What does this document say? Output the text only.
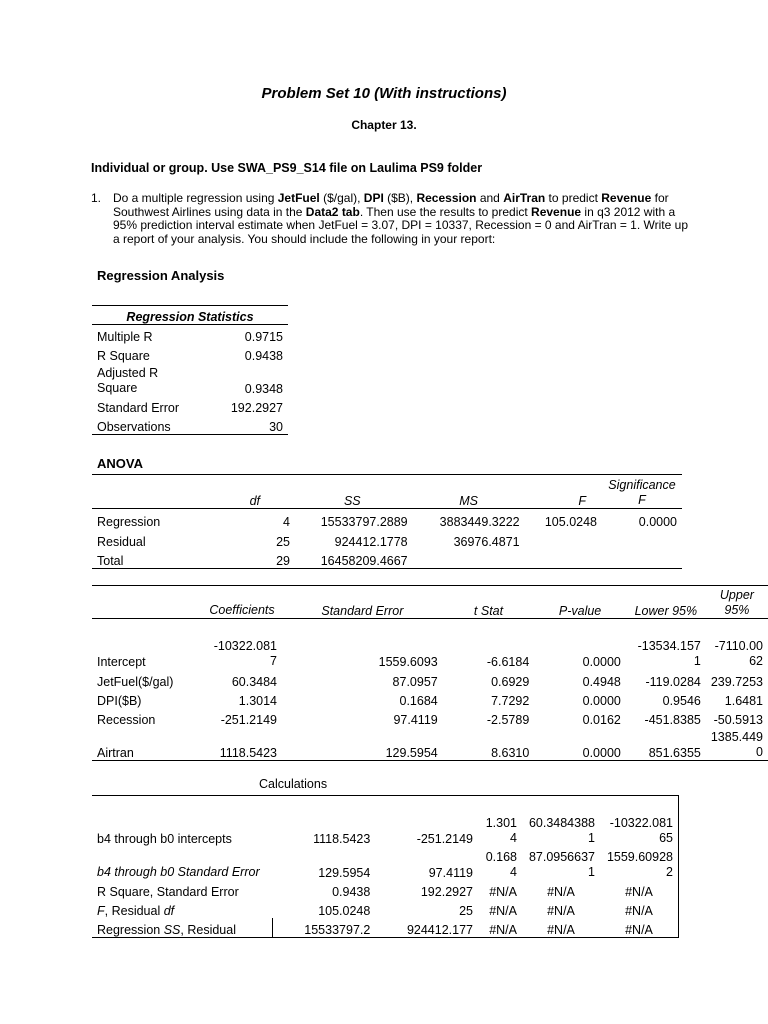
Problem Set 10 (With instructions)
Chapter 13.
Individual or group. Use SWA_PS9_S14 file on Laulima PS9 folder
1. Do a multiple regression using JetFuel ($/gal), DPI ($B), Recession and AirTran to predict Revenue for Southwest Airlines using data in the Data2 tab. Then use the results to predict Revenue in q3 2012 with a 95% prediction interval estimate when JetFuel = 3.07, DPI = 10337, Recession = 0 and AirTran = 1. Write up a report of your analysis. You should include the following in your report:
Regression Analysis
Regression Statistics	
Multiple R	0.9715
R Square	0.9438
Adjusted R Square	0.9348
Standard Error	192.2927
Observations	30
ANOVA
	df	SS	MS	F	Significance F
Regression	4	15533797.2889	3883449.3222	105.0248	0.0000
Residual	25	924412.1778	36976.4871		
Total	29	16458209.4667			
	Coefficients	Standard Error	t Stat	P-value	Lower 95%	Upper 95%
Intercept	-10322.0817	1559.6093	-6.6184	0.0000	-13534.1571	-7110.0062
JetFuel($/gal)	60.3484	87.0957	0.6929	0.4948	-119.0284	239.7253
DPI($B)	1.3014	0.1684	7.7292	0.0000	0.9546	1.6481
Recession	-251.2149	97.4119	-2.5789	0.0162	-451.8385	-50.5913
Airtran	1118.5423	129.5954	8.6310	0.0000	851.6355	1385.4490
Calculations
b4 through b0 intercepts	1118.5423	-251.2149	1.3014	60.34843881	-10322.08165
b4 through b0 Standard Error	129.5954	97.4119	0.1684	87.09566371	1559.609282
R Square, Standard Error	0.9438	192.2927	#N/A	#N/A	#N/A
F, Residual df	105.0248	25	#N/A	#N/A	#N/A
Regression SS, Residual	15533797.2	924412.177	#N/A	#N/A	#N/A
